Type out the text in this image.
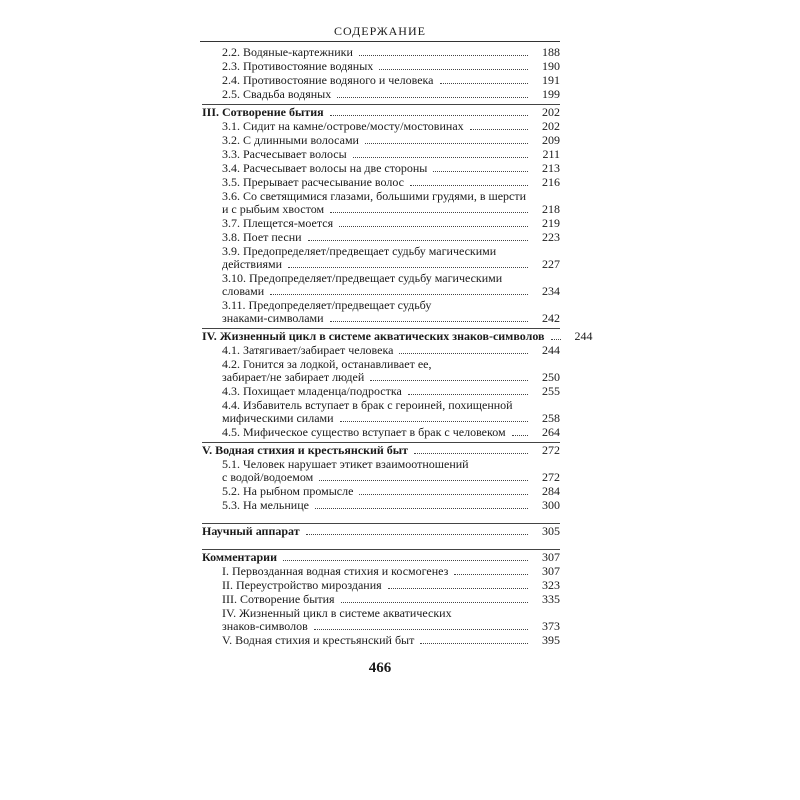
СОДЕРЖАНИЕ
2.2. Водяные-картежники	188
2.3. Противостояние водяных	190
2.4. Противостояние водяного и человека	191
2.5. Свадьба водяных	199
III. Сотворение бытия	202
3.1. Сидит на камне/острове/мосту/мостовинах	202
3.2. С длинными волосами	209
3.3. Расчесывает волосы	211
3.4. Расчесывает волосы на две стороны	213
3.5. Прерывает расчесывание волос	216
3.6. Со светящимися глазами, большими грудями, в шерсти
и с рыбьим хвостом	218
3.7. Плещется-моется	219
3.8. Поет песни	223
3.9. Предопределяет/предвещает судьбу магическими
действиями	227
3.10. Предопределяет/предвещает судьбу магическими
словами	234
3.11. Предопределяет/предвещает судьбу
знаками-символами	242
IV. Жизненный цикл в системе акватических знаков-символов	244
4.1. Затягивает/забирает человека	244
4.2. Гонится за лодкой, останавливает ее,
забирает/не забирает людей	250
4.3. Похищает младенца/подростка	255
4.4. Избавитель вступает в брак с героиней, похищенной
мифическими силами	258
4.5. Мифическое существо вступает в брак с человеком	264
V. Водная стихия и крестьянский быт	272
5.1. Человек нарушает этикет взаимоотношений
с водой/водоемом	272
5.2. На рыбном промысле	284
5.3. На мельнице	300
Научный аппарат	305
Комментарии	307
I. Первозданная водная стихия и космогенез	307
II. Переустройство мироздания	323
III. Сотворение бытия	335
IV. Жизненный цикл в системе акватических
знаков-символов	373
V. Водная стихия и крестьянский быт	395
466
